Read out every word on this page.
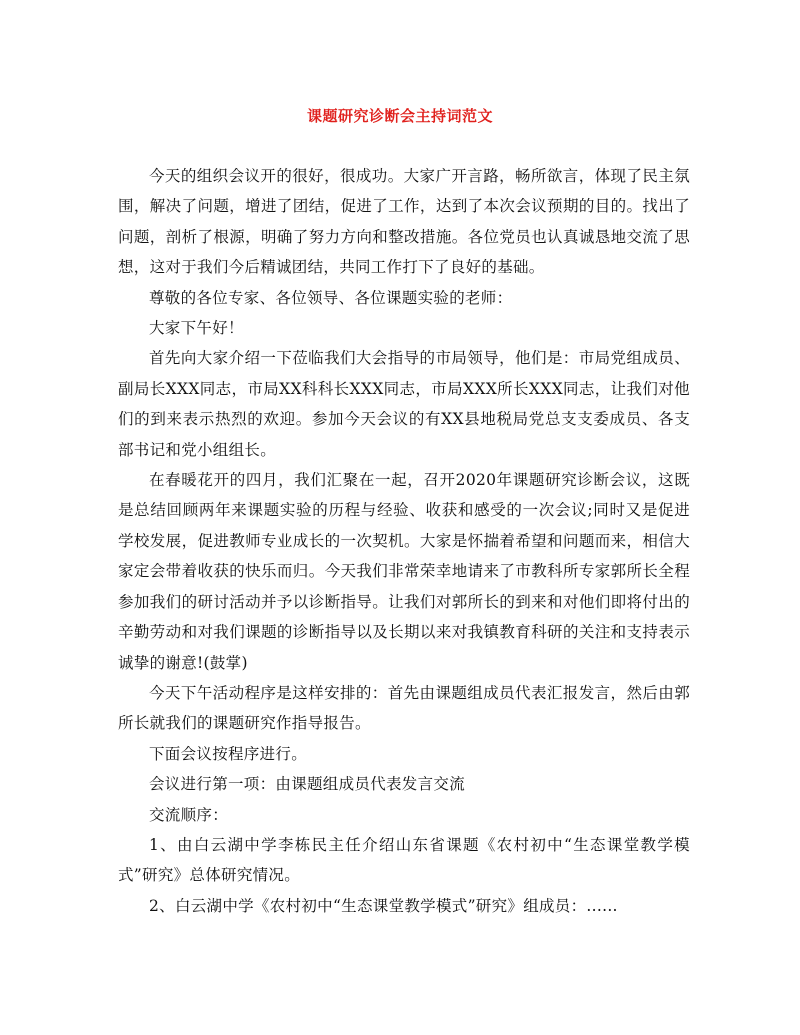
课题研究诊断会主持词范文

今天的组织会议开的很好，很成功。大家广开言路，畅所欲言，体现了民主氛围，解决了问题，增进了团结，促进了工作，达到了本次会议预期的目的。找出了问题，剖析了根源，明确了努力方向和整改措施。各位党员也认真诚恳地交流了思想，这对于我们今后精诚团结，共同工作打下了良好的基础。

尊敬的各位专家、各位领导、各位课题实验的老师：

大家下午好！

首先向大家介绍一下莅临我们大会指导的市局领导，他们是：市局党组成员、副局长XXX同志，市局XX科科长XXX同志，市局XXX所长XXX同志，让我们对他们的到来表示热烈的欢迎。参加今天会议的有XX县地税局党总支支委成员、各支部书记和党小组组长。

在春暖花开的四月，我们汇聚在一起，召开2020年课题研究诊断会议，这既是总结回顾两年来课题实验的历程与经验、收获和感受的一次会议;同时又是促进学校发展，促进教师专业成长的一次契机。大家是怀揣着希望和问题而来，相信大家定会带着收获的快乐而归。今天我们非常荣幸地请来了市教科所专家郭所长全程参加我们的研讨活动并予以诊断指导。让我们对郭所长的到来和对他们即将付出的辛勤劳动和对我们课题的诊断指导以及长期以来对我镇教育科研的关注和支持表示诚挚的谢意!(鼓掌)

今天下午活动程序是这样安排的：首先由课题组成员代表汇报发言，然后由郭所长就我们的课题研究作指导报告。

下面会议按程序进行。

会议进行第一项：由课题组成员代表发言交流

交流顺序：

1、由白云湖中学李栋民主任介绍山东省课题《农村初中“生态课堂教学模式”研究》总体研究情况。

2、白云湖中学《农村初中“生态课堂教学模式”研究》组成员：......
